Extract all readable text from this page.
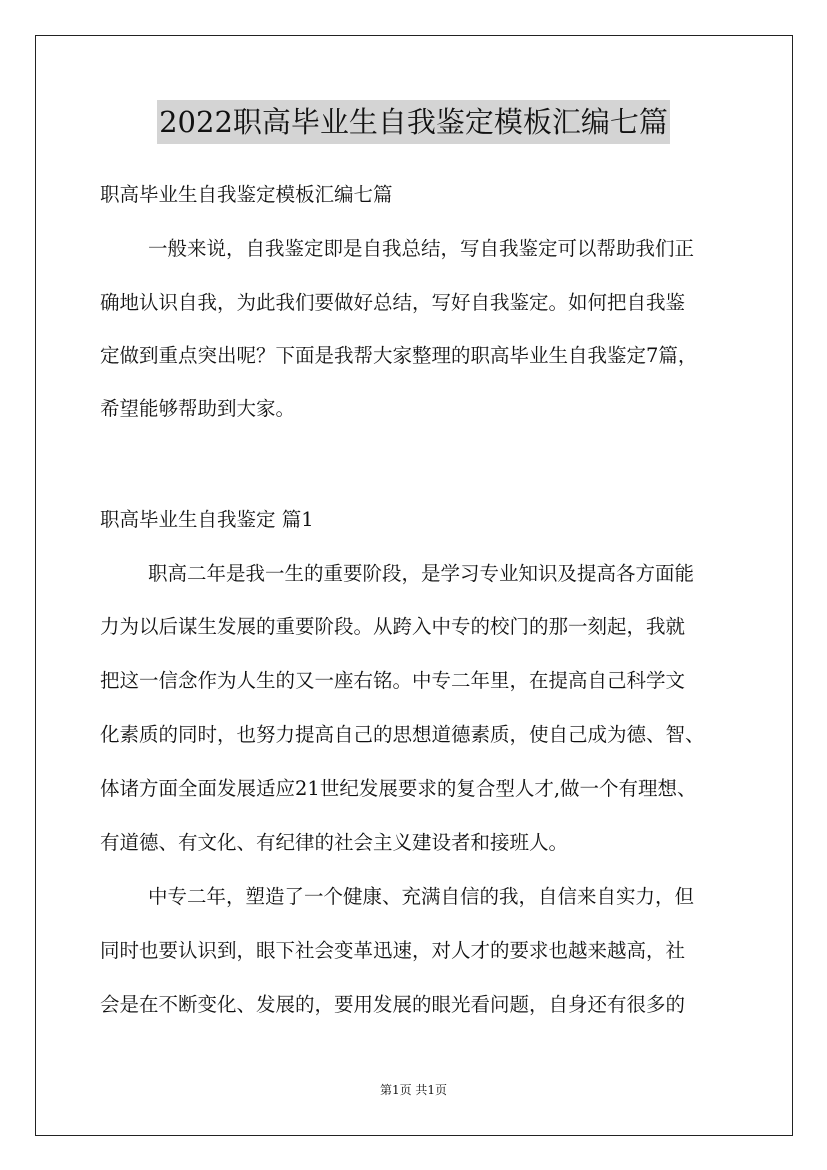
2022职高毕业生自我鉴定模板汇编七篇
职高毕业生自我鉴定模板汇编七篇
一般来说，自我鉴定即是自我总结，写自我鉴定可以帮助我们正
确地认识自我，为此我们要做好总结，写好自我鉴定。如何把自我鉴
定做到重点突出呢？下面是我帮大家整理的职高毕业生自我鉴定7篇，
希望能够帮助到大家。
职高毕业生自我鉴定 篇1
职高二年是我一生的重要阶段，是学习专业知识及提高各方面能
力为以后谋生发展的重要阶段。从跨入中专的校门的那一刻起，我就
把这一信念作为人生的又一座右铭。中专二年里，在提高自己科学文
化素质的同时，也努力提高自己的思想道德素质，使自己成为德、智、
体诸方面全面发展适应21世纪发展要求的复合型人才,做一个有理想、
有道德、有文化、有纪律的社会主义建设者和接班人。
中专二年，塑造了一个健康、充满自信的我，自信来自实力，但
同时也要认识到，眼下社会变革迅速，对人才的要求也越来越高，社
会是在不断变化、发展的，要用发展的眼光看问题，自身还有很多的
第1页 共1页
